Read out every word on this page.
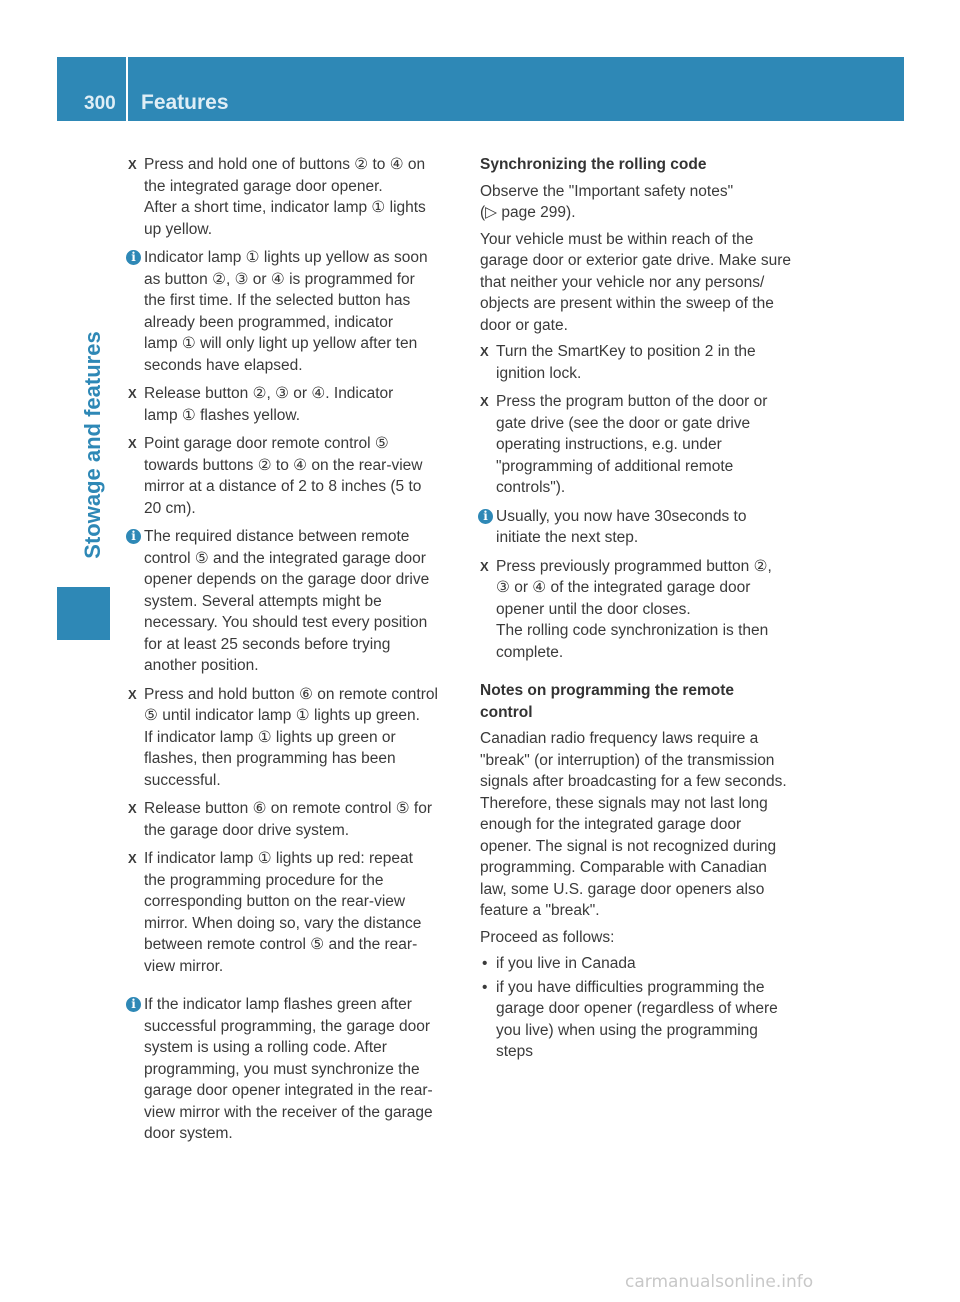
300 Features
Stowage and features
X Press and hold one of buttons ② to ④ on
the integrated garage door opener.
After a short time, indicator lamp ① lights
up yellow.
i Indicator lamp ① lights up yellow as soon
as button ②, ③ or ④ is programmed for
the first time. If the selected button has
already been programmed, indicator
lamp ① will only light up yellow after ten
seconds have elapsed.
X Release button ②, ③ or ④. Indicator
lamp ① flashes yellow.
X Point garage door remote control ⑤
towards buttons ② to ④ on the rear-view
mirror at a distance of 2 to 8 inches (5 to
20 cm).
i The required distance between remote
control ⑤ and the integrated garage door
opener depends on the garage door drive
system. Several attempts might be
necessary. You should test every position
for at least 25 seconds before trying
another position.
X Press and hold button ⑥ on remote control
⑤ until indicator lamp ① lights up green.
If indicator lamp ① lights up green or
flashes, then programming has been
successful.
X Release button ⑥ on remote control ⑤ for
the garage door drive system.
X If indicator lamp ① lights up red: repeat
the programming procedure for the
corresponding button on the rear-view
mirror. When doing so, vary the distance
between remote control ⑤ and the rear-
view mirror.
i If the indicator lamp flashes green after
successful programming, the garage door
system is using a rolling code. After
programming, you must synchronize the
garage door opener integrated in the rear-
view mirror with the receiver of the garage
door system.
Synchronizing the rolling code
Observe the "Important safety notes"
(▷ page 299).
Your vehicle must be within reach of the
garage door or exterior gate drive. Make sure
that neither your vehicle nor any persons/
objects are present within the sweep of the
door or gate.
X Turn the SmartKey to position 2 in the
ignition lock.
X Press the program button of the door or
gate drive (see the door or gate drive
operating instructions, e.g. under
"programming of additional remote
controls").
i Usually, you now have 30seconds to
initiate the next step.
X Press previously programmed button ②,
③ or ④ of the integrated garage door
opener until the door closes.
The rolling code synchronization is then
complete.
Notes on programming the remote
control
Canadian radio frequency laws require a
"break" (or interruption) of the transmission
signals after broadcasting for a few seconds.
Therefore, these signals may not last long
enough for the integrated garage door
opener. The signal is not recognized during
programming. Comparable with Canadian
law, some U.S. garage door openers also
feature a "break".
Proceed as follows:
• if you live in Canada
• if you have difficulties programming the
garage door opener (regardless of where
you live) when using the programming
steps
carmanualsonline.info
